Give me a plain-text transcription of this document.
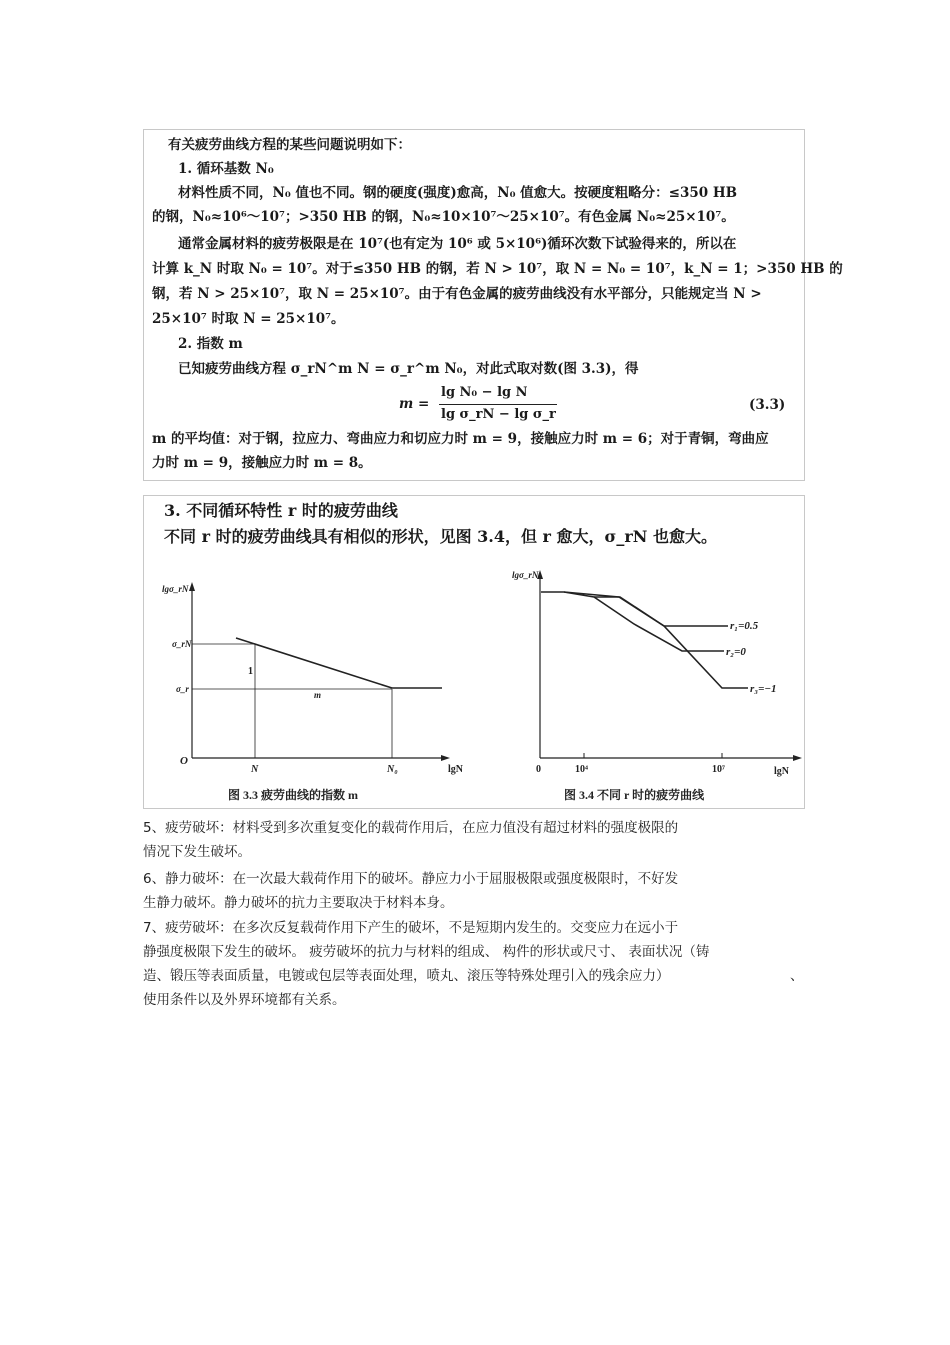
有关疲劳曲线方程的某些问题说明如下：
1. 循环基数 N₀
材料性质不同，N₀ 值也不同。钢的硬度(强度)愈高，N₀ 值愈大。按硬度粗略分：≤350 HB
的钢，N₀≈10⁶～10⁷；>350 HB 的钢，N₀≈10×10⁷～25×10⁷。有色金属 N₀≈25×10⁷。
通常金属材料的疲劳极限是在 10⁷(也有定为 10⁶ 或 5×10⁶)循环次数下试验得来的，所以在
计算 k_N 时取 N₀ = 10⁷。对于≤350 HB 的钢，若 N > 10⁷，取 N = N₀ = 10⁷，k_N = 1；>350 HB 的
钢，若 N > 25×10⁷，取 N = 25×10⁷。由于有色金属的疲劳曲线没有水平部分，只能规定当 N >
25×10⁷ 时取 N = 25×10⁷。
2. 指数 m
已知疲劳曲线方程 σ_rN^m N = σ_r^m N₀，对此式取对数(图 3.3)，得
m =
lg N₀ − lg N
lg σ_rN − lg σ_r
(3.3)
m 的平均值：对于钢，拉应力、弯曲应力和切应力时 m = 9，接触应力时 m = 6；对于青铜，弯曲应
力时 m = 9，接触应力时 m = 8。
3. 不同循环特性 r 时的疲劳曲线
不同 r 时的疲劳曲线具有相似的形状，见图 3.4，但 r 愈大，σ_rN 也愈大。
lgσ_rN
σ_rN
σ_r
O
N	N₀	lgN
1
m
图 3.3 疲劳曲线的指数 m
lgσ_rN
0	10⁴	10⁷	lgN
r₁=0.5
r₂=0
r₃=−1
图 3.4 不同 r 时的疲劳曲线
5、疲劳破坏：材料受到多次重复变化的载荷作用后，在应力值没有超过材料的强度极限的
情况下发生破坏。
6、静力破坏：在一次最大载荷作用下的破坏。静应力小于屈服极限或强度极限时，不好发
生静力破坏。静力破坏的抗力主要取决于材料本身。
7、疲劳破坏：在多次反复载荷作用下产生的破坏，不是短期内发生的。交变应力在远小于
静强度极限下发生的破坏。 疲劳破坏的抗力与材料的组成、 构件的形状或尺寸、 表面状况（铸
造、锻压等表面质量，电镀或包层等表面处理，喷丸、滚压等特殊处理引入的残余应力）	、
使用条件以及外界环境都有关系。
